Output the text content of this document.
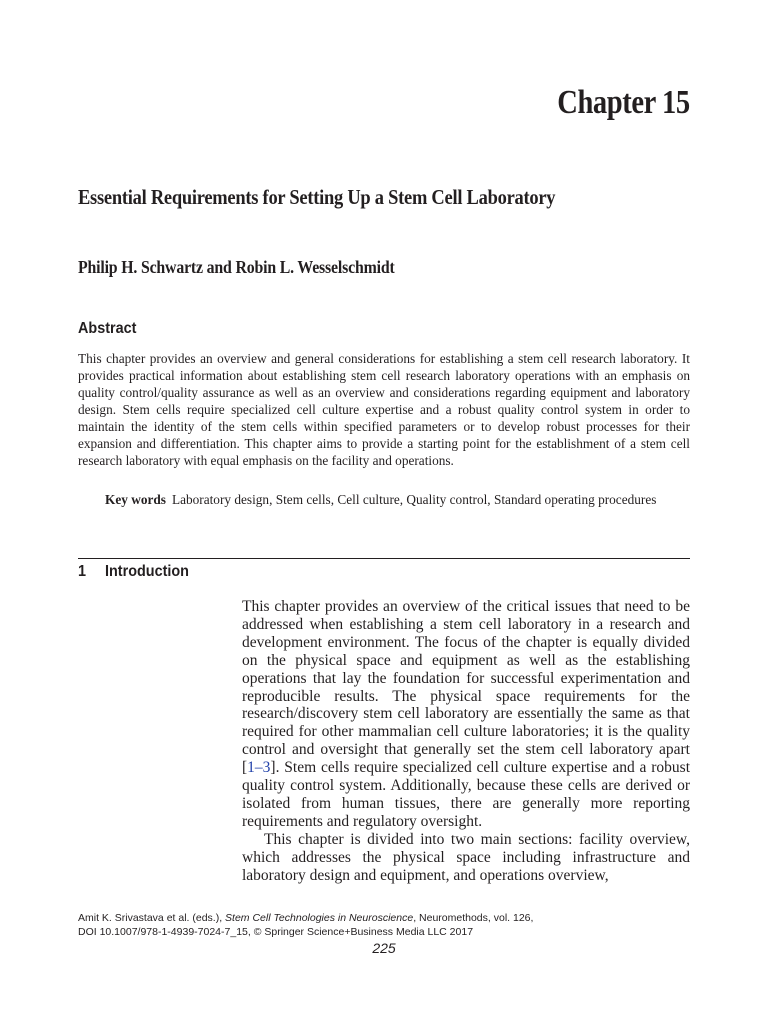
Chapter 15
Essential Requirements for Setting Up a Stem Cell Laboratory
Philip H. Schwartz and Robin L. Wesselschmidt
Abstract
This chapter provides an overview and general considerations for establishing a stem cell research laboratory. It provides practical information about establishing stem cell research laboratory operations with an emphasis on quality control/quality assurance as well as an overview and considerations regarding equipment and laboratory design. Stem cells require specialized cell culture expertise and a robust quality control system in order to maintain the identity of the stem cells within specified parameters or to develop robust processes for their expansion and differentiation. This chapter aims to provide a starting point for the establishment of a stem cell research laboratory with equal emphasis on the facility and operations.
Key words Laboratory design, Stem cells, Cell culture, Quality control, Standard operating procedures
1 Introduction

This chapter provides an overview of the critical issues that need to be addressed when establishing a stem cell laboratory in a research and development environment. The focus of the chapter is equally divided on the physical space and equipment as well as the establishing operations that lay the foundation for successful experimentation and reproducible results. The physical space requirements for the research/discovery stem cell laboratory are essentially the same as that required for other mammalian cell culture laboratories; it is the quality control and oversight that generally set the stem cell laboratory apart [1–3]. Stem cells require specialized cell culture expertise and a robust quality control system. Additionally, because these cells are derived or isolated from human tissues, there are generally more reporting requirements and regulatory oversight.

This chapter is divided into two main sections: facility overview, which addresses the physical space including infrastructure and laboratory design and equipment, and operations overview,

Amit K. Srivastava et al. (eds.), Stem Cell Technologies in Neuroscience, Neuromethods, vol. 126,
DOI 10.1007/978-1-4939-7024-7_15, © Springer Science+Business Media LLC 2017
225
